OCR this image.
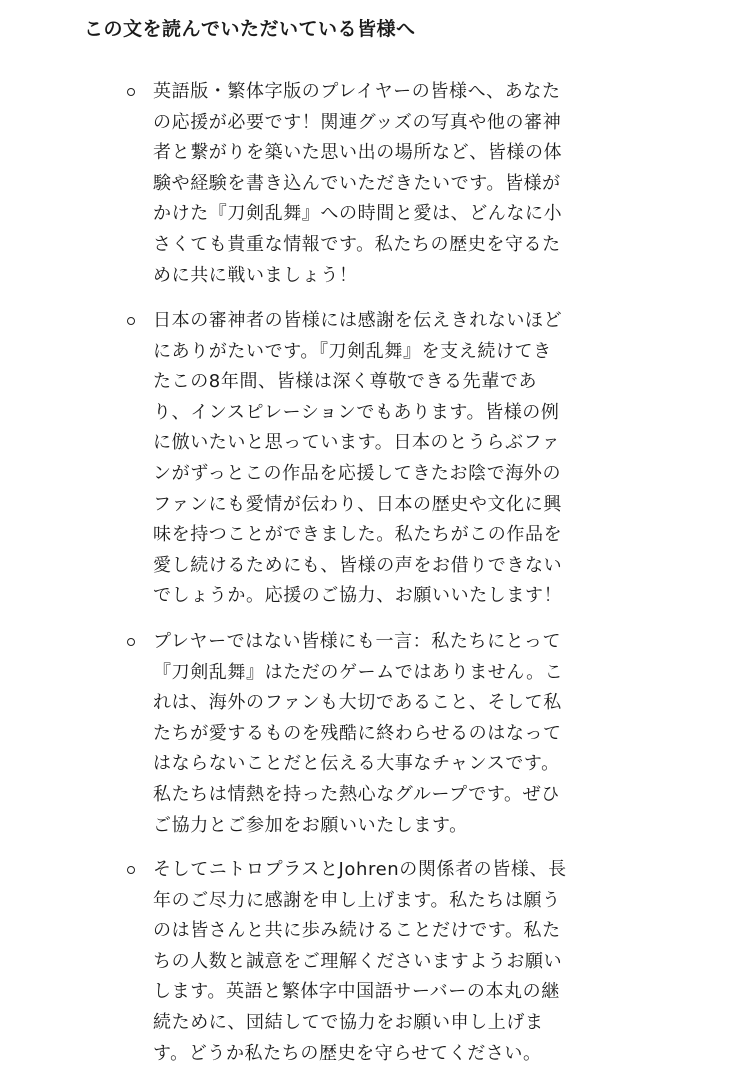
この文を読んでいただいている皆様へ
英語版・繁体字版のプレイヤーの皆様へ、あなた
の応援が必要です！関連グッズの写真や他の審神
者と繋がりを築いた思い出の場所など、皆様の体
験や経験を書き込んでいただきたいです。皆様が
かけた『刀剣乱舞』への時間と愛は、どんなに小
さくても貴重な情報です。私たちの歴史を守るた
めに共に戦いましょう！
日本の審神者の皆様には感謝を伝えきれないほど
にありがたいです。『刀剣乱舞』を支え続けてき
たこの8年間、皆様は深く尊敬できる先輩であ
り、インスピレーションでもあります。皆様の例
に倣いたいと思っています。日本のとうらぶファ
ンがずっとこの作品を応援してきたお陰で海外の
ファンにも愛情が伝わり、日本の歴史や文化に興
味を持つことができました。私たちがこの作品を
愛し続けるためにも、皆様の声をお借りできない
でしょうか。応援のご協力、お願いいたします！
プレヤーではない皆様にも一言：私たちにとって
『刀剣乱舞』はただのゲームではありません。こ
れは、海外のファンも大切であること、そして私
たちが愛するものを残酷に終わらせるのはなって
はならないことだと伝える大事なチャンスです。
私たちは情熱を持った熱心なグループです。ぜひ
ご協力とご参加をお願いいたします。
そしてニトロプラスとJohrenの関係者の皆様、長
年のご尽力に感謝を申し上げます。私たちは願う
のは皆さんと共に歩み続けることだけです。私た
ちの人数と誠意をご理解くださいますようお願い
します。英語と繁体字中国語サーバーの本丸の継
続ために、団結してで協力をお願い申し上げま
す。どうか私たちの歴史を守らせてください。
